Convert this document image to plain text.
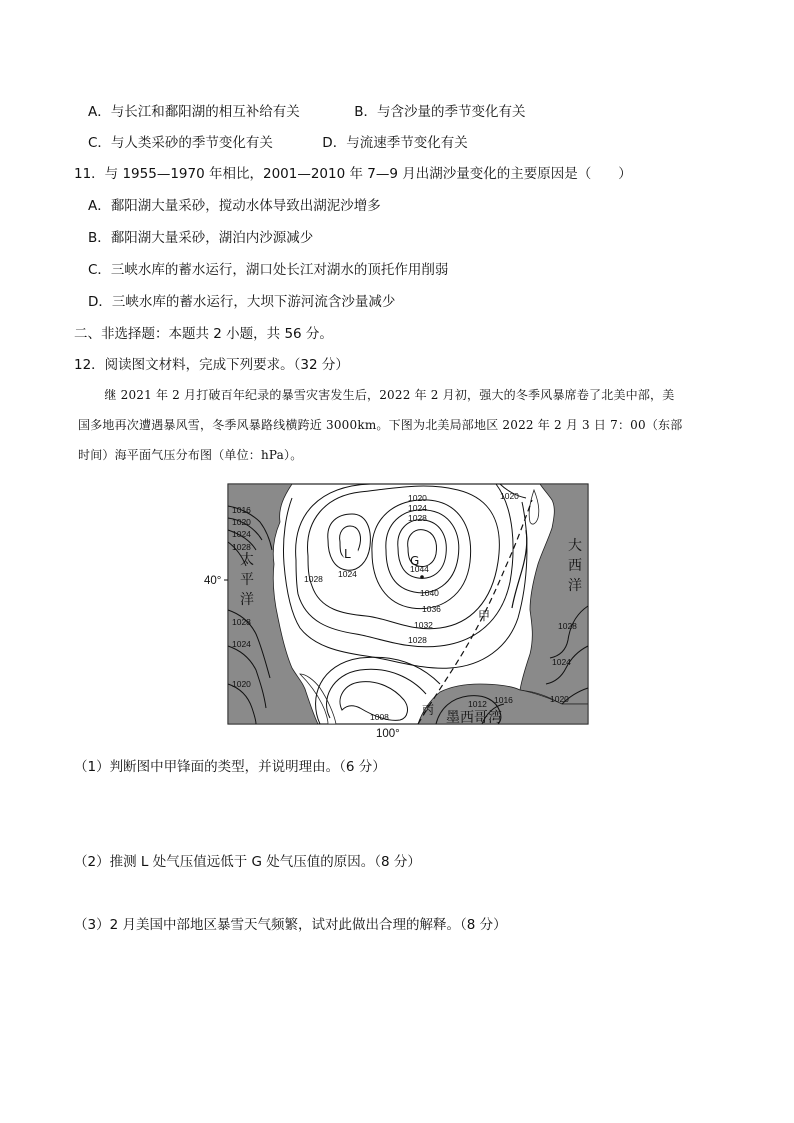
A．与长江和鄱阳湖的相互补给有关	B．与含沙量的季节变化有关
C．与人类采砂的季节变化有关	D．与流速季节变化有关
11．与 1955—1970 年相比，2001—2010 年 7—9 月出湖沙量变化的主要原因是（　　）
A．鄱阳湖大量采砂，搅动水体导致出湖泥沙增多
B．鄱阳湖大量采砂，湖泊内沙源减少
C．三峡水库的蓄水运行，湖口处长江对湖水的顶托作用削弱
D．三峡水库的蓄水运行，大坝下游河流含沙量减少
二、非选择题：本题共 2 小题，共 56 分。
12．阅读图文材料，完成下列要求。（32 分）
继 2021 年 2 月打破百年纪录的暴雪灾害发生后，2022 年 2 月初，强大的冬季风暴席卷了北美中部，美
国多地再次遭遇暴风雪，冬季风暴路线横跨近 3000km。下图为北美局部地区 2022 年 2 月 3 日 7：00（东部
时间）海平面气压分布图（单位：hPa）。
太
平
洋
大
西
洋
墨西哥湾
L	G
甲
丙
1020
1024
1028
1020
1016
1020
1024
1028
1028
1024
1020
1028 1024	1044
1040
1036
1032
1028
1028
1024
1020
1008
1012 1016
40°
100°
（1）判断图中甲锋面的类型，并说明理由。（6 分）
（2）推测 L 处气压值远低于 G 处气压值的原因。（8 分）
（3）2 月美国中部地区暴雪天气频繁，试对此做出合理的解释。（8 分）
